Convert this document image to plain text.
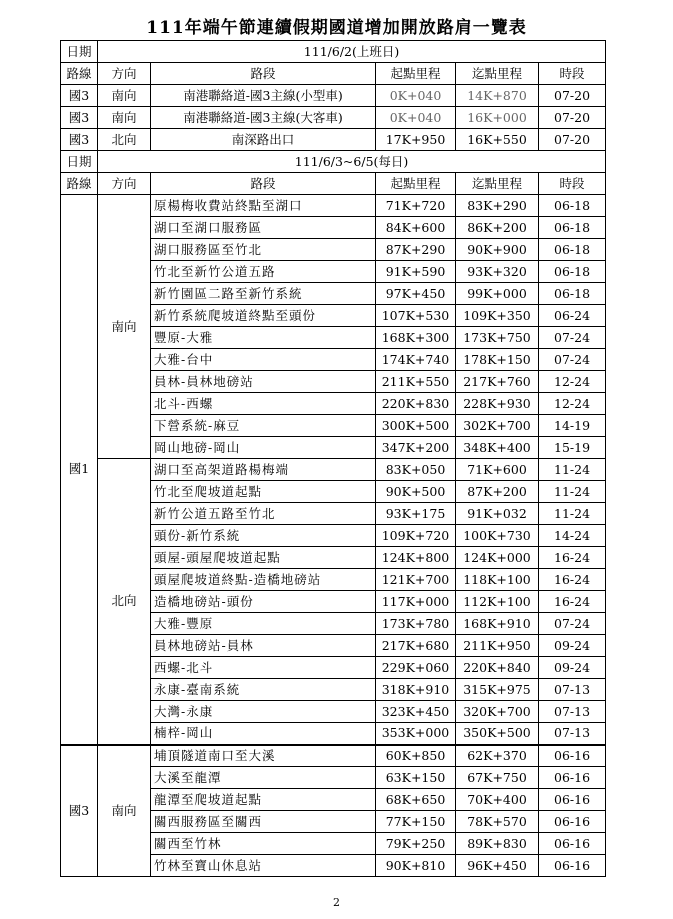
111年端午節連續假期國道增加開放路肩一覽表
日期	111/6/2(上班日)				
路線	方向	路段	起點里程	迄點里程	時段
國3	南向	南港聯絡道-國3主線(小型車)	0K+040	14K+870	07-20
國3	南向	南港聯絡道-國3主線(大客車)	0K+040	16K+000	07-20
國3	北向	南深路出口	17K+950	16K+550	07-20
日期	111/6/3~6/5(每日)				
路線	方向	路段	起點里程	迄點里程	時段
國1	南向	原楊梅收費站終點至湖口	71K+720	83K+290	06-18
		湖口至湖口服務區	84K+600	86K+200	06-18
		湖口服務區至竹北	87K+290	90K+900	06-18
		竹北至新竹公道五路	91K+590	93K+320	06-18
		新竹園區二路至新竹系統	97K+450	99K+000	06-18
		新竹系統爬坡道終點至頭份	107K+530	109K+350	06-24
		豐原-大雅	168K+300	173K+750	07-24
		大雅-台中	174K+740	178K+150	07-24
		員林-員林地磅站	211K+550	217K+760	12-24
		北斗-西螺	220K+830	228K+930	12-24
		下營系統-麻豆	300K+500	302K+700	14-19
		岡山地磅-岡山	347K+200	348K+400	15-19
	北向	湖口至高架道路楊梅端	83K+050	71K+600	11-24
		竹北至爬坡道起點	90K+500	87K+200	11-24
		新竹公道五路至竹北	93K+175	91K+032	11-24
		頭份-新竹系統	109K+720	100K+730	14-24
		頭屋-頭屋爬坡道起點	124K+800	124K+000	16-24
		頭屋爬坡道終點-造橋地磅站	121K+700	118K+100	16-24
		造橋地磅站-頭份	117K+000	112K+100	16-24
		大雅-豐原	173K+780	168K+910	07-24
		員林地磅站-員林	217K+680	211K+950	09-24
		西螺-北斗	229K+060	220K+840	09-24
		永康-臺南系統	318K+910	315K+975	07-13
		大灣-永康	323K+450	320K+700	07-13
		楠梓-岡山	353K+000	350K+500	07-13
國3	南向	埔頂隧道南口至大溪	60K+850	62K+370	06-16
		大溪至龍潭	63K+150	67K+750	06-16
		龍潭至爬坡道起點	68K+650	70K+400	06-16
		關西服務區至關西	77K+150	78K+570	06-16
		關西至竹林	79K+250	89K+830	06-16
		竹林至寶山休息站	90K+810	96K+450	06-16
2
